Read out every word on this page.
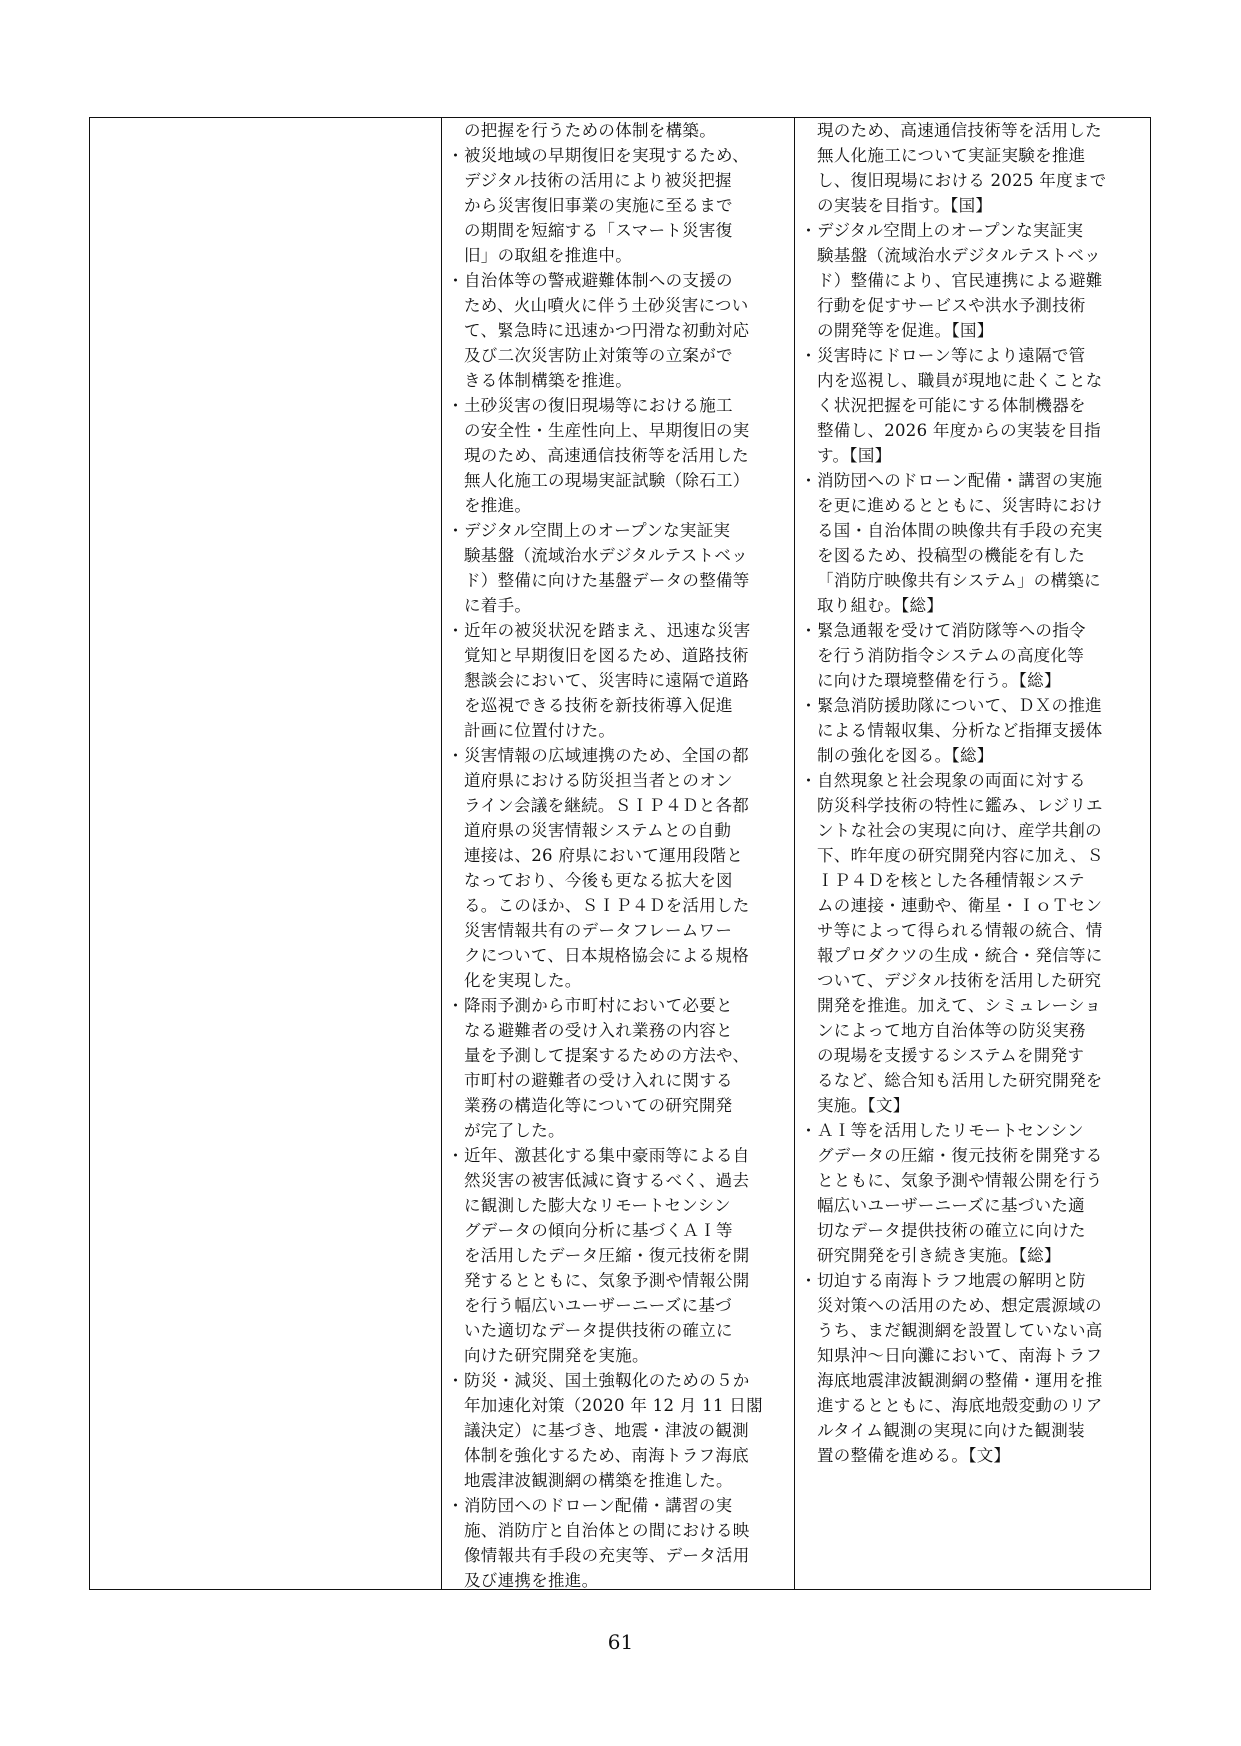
の把握を行うための体制を構築。
・ 被災地域の早期復旧を実現するため、
デジタル技術の活用により被災把握
から災害復旧事業の実施に至るまで
の期間を短縮する「スマート災害復
旧」の取組を推進中。
・ 自治体等の警戒避難体制への支援の
ため、火山噴火に伴う土砂災害につい
て、緊急時に迅速かつ円滑な初動対応
及び二次災害防止対策等の立案がで
きる体制構築を推進。
・ 土砂災害の復旧現場等における施工
の安全性・生産性向上、早期復旧の実
現のため、高速通信技術等を活用した
無人化施工の現場実証試験（除石工）
を推進。
・ デジタル空間上のオープンな実証実
験基盤（流域治水デジタルテストベッ
ド）整備に向けた基盤データの整備等
に着手。
・ 近年の被災状況を踏まえ、迅速な災害
覚知と早期復旧を図るため、道路技術
懇談会において、災害時に遠隔で道路
を巡視できる技術を新技術導入促進
計画に位置付けた。
・ 災害情報の広域連携のため、全国の都
道府県における防災担当者とのオン
ライン会議を継続。ＳＩＰ４Ｄと各都
道府県の災害情報システムとの自動
連接は、26 府県において運用段階と
なっており、今後も更なる拡大を図
る。このほか、ＳＩＰ４Ｄを活用した
災害情報共有のデータフレームワー
クについて、日本規格協会による規格
化を実現した。
・ 降雨予測から市町村において必要と
なる避難者の受け入れ業務の内容と
量を予測して提案するための方法や、
市町村の避難者の受け入れに関する
業務の構造化等についての研究開発
が完了した。
・ 近年、激甚化する集中豪雨等による自
然災害の被害低減に資するべく、過去
に観測した膨大なリモートセンシン
グデータの傾向分析に基づくＡＩ等
を活用したデータ圧縮・復元技術を開
発するとともに、気象予測や情報公開
を行う幅広いユーザーニーズに基づ
いた適切なデータ提供技術の確立に
向けた研究開発を実施。
・ 防災・減災、国土強靱化のための５か
年加速化対策（2020 年 12 月 11 日閣
議決定）に基づき、地震・津波の観測
体制を強化するため、南海トラフ海底
地震津波観測網の構築を推進した。
・ 消防団へのドローン配備・講習の実
施、消防庁と自治体との間における映
像情報共有手段の充実等、データ活用
及び連携を推進。
現のため、高速通信技術等を活用した
無人化施工について実証実験を推進
し、復旧現場における 2025 年度まで
の実装を目指す。【国】
・ デジタル空間上のオープンな実証実
験基盤（流域治水デジタルテストベッ
ド）整備により、官民連携による避難
行動を促すサービスや洪水予測技術
の開発等を促進。【国】
・ 災害時にドローン等により遠隔で管
内を巡視し、職員が現地に赴くことな
く状況把握を可能にする体制機器を
整備し、2026 年度からの実装を目指
す。【国】
・ 消防団へのドローン配備・講習の実施
を更に進めるとともに、災害時におけ
る国・自治体間の映像共有手段の充実
を図るため、投稿型の機能を有した
「消防庁映像共有システム」の構築に
取り組む。【総】
・ 緊急通報を受けて消防隊等への指令
を行う消防指令システムの高度化等
に向けた環境整備を行う。【総】
・ 緊急消防援助隊について、ＤＸの推進
による情報収集、分析など指揮支援体
制の強化を図る。【総】
・ 自然現象と社会現象の両面に対する
防災科学技術の特性に鑑み、レジリエ
ントな社会の実現に向け、産学共創の
下、昨年度の研究開発内容に加え、Ｓ
ＩＰ４Ｄを核とした各種情報システ
ムの連接・連動や、衛星・ＩｏＴセン
サ等によって得られる情報の統合、情
報プロダクツの生成・統合・発信等に
ついて、デジタル技術を活用した研究
開発を推進。加えて、シミュレーショ
ンによって地方自治体等の防災実務
の現場を支援するシステムを開発す
るなど、総合知も活用した研究開発を
実施。【文】
・ ＡＩ等を活用したリモートセンシン
グデータの圧縮・復元技術を開発する
とともに、気象予測や情報公開を行う
幅広いユーザーニーズに基づいた適
切なデータ提供技術の確立に向けた
研究開発を引き続き実施。【総】
・ 切迫する南海トラフ地震の解明と防
災対策への活用のため、想定震源域の
うち、まだ観測網を設置していない高
知県沖～日向灘において、南海トラフ
海底地震津波観測網の整備・運用を推
進するとともに、海底地殻変動のリア
ルタイム観測の実現に向けた観測装
置の整備を進める。【文】
61
